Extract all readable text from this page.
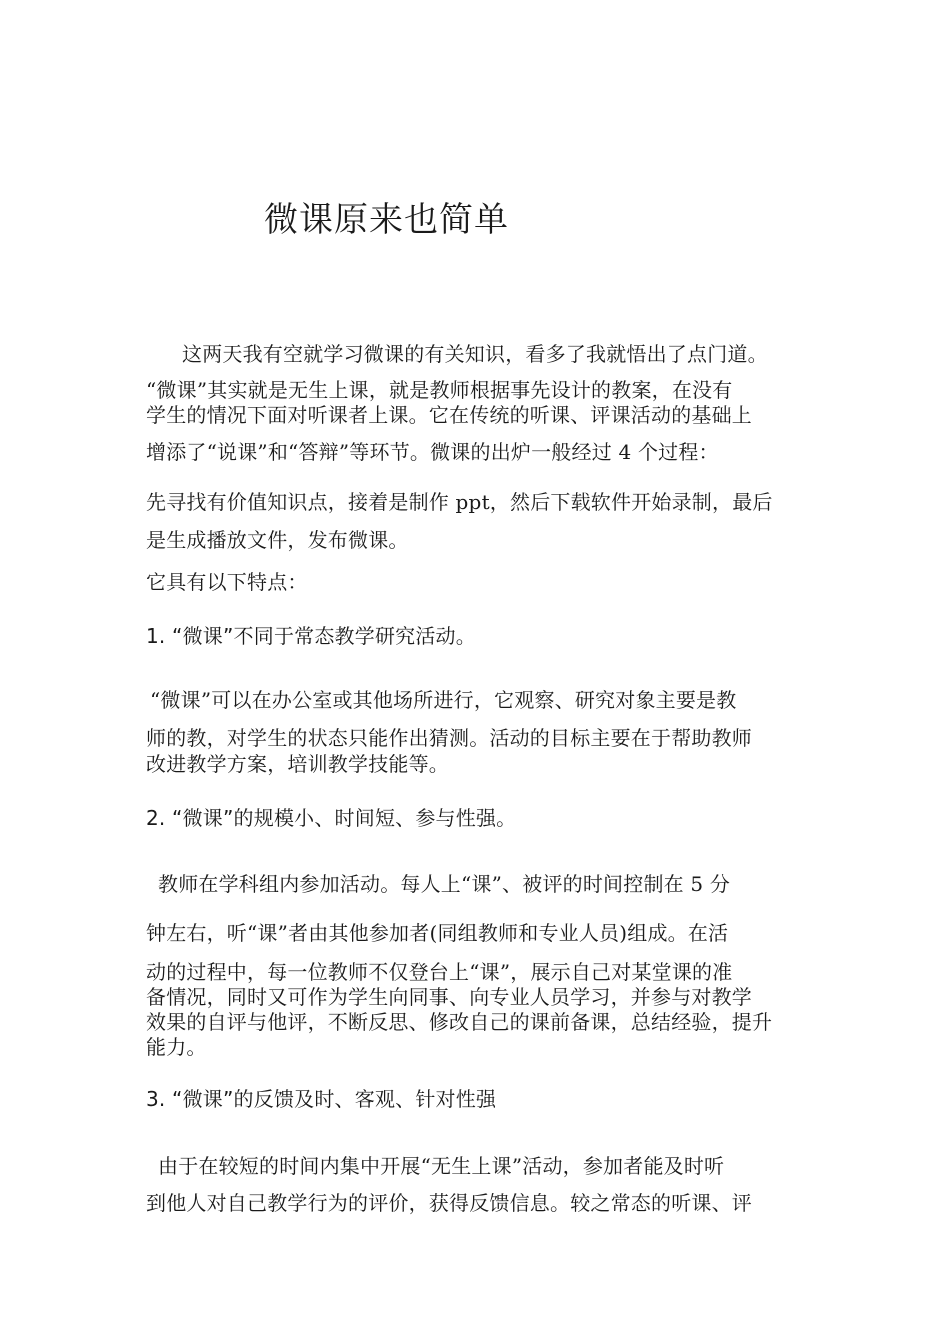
微课原来也简单
这两天我有空就学习微课的有关知识，看多了我就悟出了点门道。
“微课”其实就是无生上课，就是教师根据事先设计的教案，在没有
学生的情况下面对听课者上课。它在传统的听课、评课活动的基础上
增添了“说课”和“答辩”等环节。微课的出炉一般经过 4 个过程：
先寻找有价值知识点，接着是制作 ppt，然后下载软件开始录制，最后
是生成播放文件，发布微课。
它具有以下特点：
1. “微课”不同于常态教学研究活动。
“微课”可以在办公室或其他场所进行，它观察、研究对象主要是教
师的教，对学生的状态只能作出猜测。活动的目标主要在于帮助教师
改进教学方案，培训教学技能等。
2. “微课”的规模小、时间短、参与性强。
教师在学科组内参加活动。每人上“课”、被评的时间控制在 5 分
钟左右，听“课”者由其他参加者(同组教师和专业人员)组成。在活
动的过程中，每一位教师不仅登台上“课”，展示自己对某堂课的准
备情况，同时又可作为学生向同事、向专业人员学习，并参与对教学
效果的自评与他评，不断反思、修改自己的课前备课，总结经验，提升
能力。
3. “微课”的反馈及时、客观、针对性强
由于在较短的时间内集中开展“无生上课”活动，参加者能及时听
到他人对自己教学行为的评价，获得反馈信息。较之常态的听课、评
